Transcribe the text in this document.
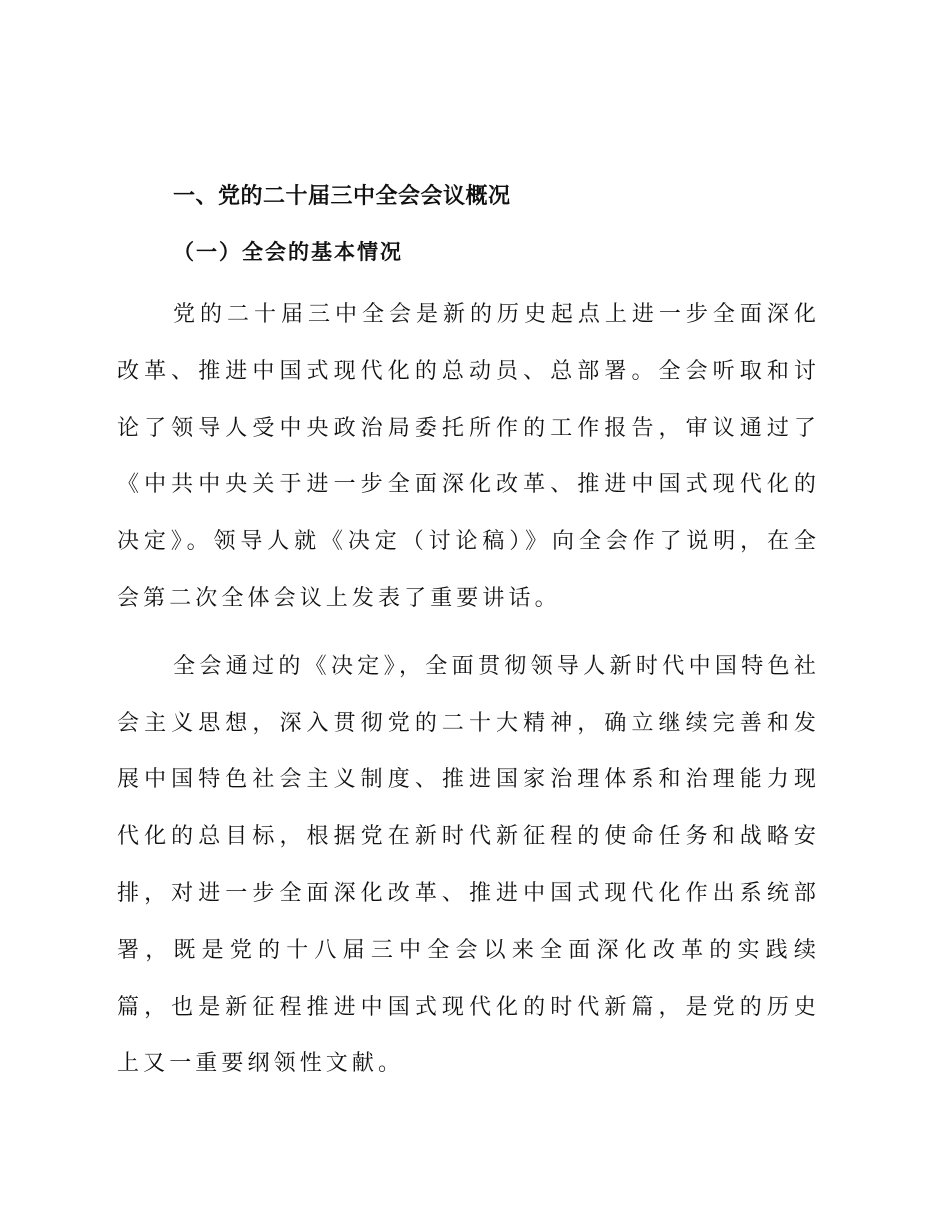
一、党的二十届三中全会会议概况
（一）全会的基本情况

党的二十届三中全会是新的历史起点上进一步全面深化改革、推进中国式现代化的总动员、总部署。全会听取和讨论了领导人受中央政治局委托所作的工作报告，审议通过了《中共中央关于进一步全面深化改革、推进中国式现代化的决定》。领导人就《决定（讨论稿）》向全会作了说明，在全会第二次全体会议上发表了重要讲话。

全会通过的《决定》，全面贯彻领导人新时代中国特色社会主义思想，深入贯彻党的二十大精神，确立继续完善和发展中国特色社会主义制度、推进国家治理体系和治理能力现代化的总目标，根据党在新时代新征程的使命任务和战略安排，对进一步全面深化改革、推进中国式现代化作出系统部署，既是党的十八届三中全会以来全面深化改革的实践续篇，也是新征程推进中国式现代化的时代新篇，是党的历史上又一重要纲领性文献。
